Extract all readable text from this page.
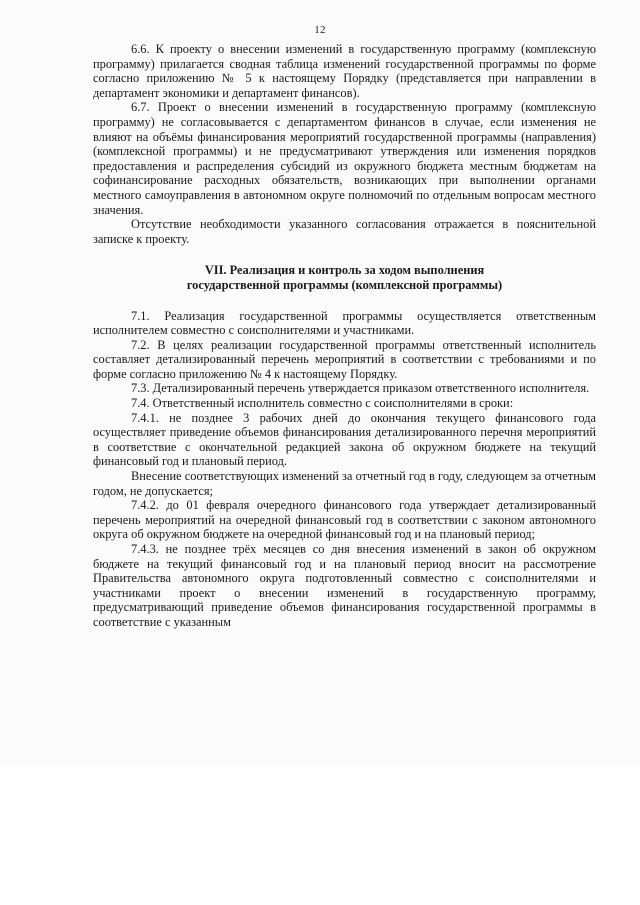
12

6.6. К проекту о внесении изменений в государственную программу (комплексную программу) прилагается сводная таблица изменений государственной программы по форме согласно приложению № 5 к настоящему Порядку (представляется при направлении в департамент экономики и департамент финансов).

6.7. Проект о внесении изменений в государственную программу (комплексную программу) не согласовывается с департаментом финансов в случае, если изменения не влияют на объёмы финансирования мероприятий государственной программы (направления) (комплексной программы) и не предусматривают утверждения или изменения порядков предоставления и распределения субсидий из окружного бюджета местным бюджетам на софинансирование расходных обязательств, возникающих при выполнении органами местного самоуправления в автономном округе полномочий по отдельным вопросам местного значения.

Отсутствие необходимости указанного согласования отражается в пояснительной записке к проекту.

VII. Реализация и контроль за ходом выполнения
государственной программы (комплексной программы)

7.1. Реализация государственной программы осуществляется ответственным исполнителем совместно с соисполнителями и участниками.

7.2. В целях реализации государственной программы ответственный исполнитель составляет детализированный перечень мероприятий в соответствии с требованиями и по форме согласно приложению № 4 к настоящему Порядку.

7.3. Детализированный перечень утверждается приказом ответственного исполнителя.

7.4. Ответственный исполнитель совместно с соисполнителями в сроки:

7.4.1. не позднее 3 рабочих дней до окончания текущего финансового года осуществляет приведение объемов финансирования детализированного перечня мероприятий в соответствие с окончательной редакцией закона об окружном бюджете на текущий финансовый год и плановый период.

Внесение соответствующих изменений за отчетный год в году, следующем за отчетным годом, не допускается;

7.4.2. до 01 февраля очередного финансового года утверждает детализированный перечень мероприятий на очередной финансовый год в соответствии с законом автономного округа об окружном бюджете на очередной финансовый год и на плановый период;

7.4.3. не позднее трёх месяцев со дня внесения изменений в закон об окружном бюджете на текущий финансовый год и на плановый период вносит на рассмотрение Правительства автономного округа подготовленный совместно с соисполнителями и участниками проект о внесении изменений в государственную программу, предусматривающий приведение объемов финансирования государственной программы в соответствие с указанным
